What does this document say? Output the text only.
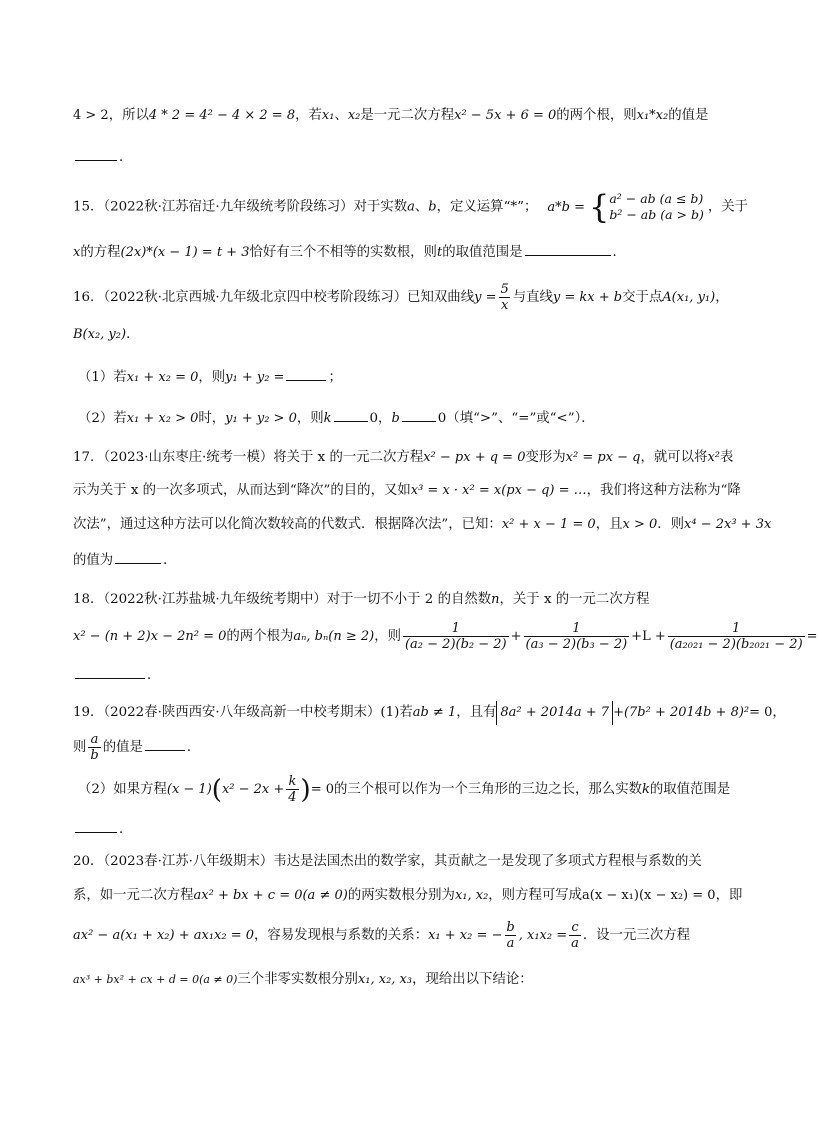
4 > 2，所以4 * 2 = 4² − 4 × 2 = 8，若x₁、x₂是一元二次方程x² − 5x + 6 = 0的两个根，则x₁*x₂的值是
．
15．（2022秋·江苏宿迁·九年级统考阶段练习）对于实数a、b，定义运算“*”； a*b = { a² − ab (a ≤ b)
b² − ab (a > b) ，关于
x的方程(2x)*(x − 1) = t + 3恰好有三个不相等的实数根，则t的取值范围是	．
16．（2022秋·北京西城·九年级北京四中校考阶段练习）已知双曲线$y = \frac{5}{x}$ 与直线y = kx + b交于点A(x₁, y₁)，
B(x₂, y₂)．
（1）若x₁ + x₂ = 0，则y₁ + y₂ =	；
（2）若x₁ + x₂ > 0时，y₁ + y₂ > 0，则k	0，b	0（填“>”、“=”或“<”）．
17．（2023·山东枣庄·统考一模）将关于 x 的一元二次方程x² − px + q = 0变形为x² = px − q，就可以将x²表
示为关于 x 的一次多项式，从而达到“降次”的目的，又如x³ = x · x² = x(px − q) = …，我们将这种方法称为“降
次法”，通过这种方法可以化简次数较高的代数式．根据降次法”，已知：x² + x − 1 = 0，且x > 0．则x⁴ − 2x³ + 3x
的值为	．
18．（2022秋·江苏盐城·九年级统考期中）对于一切不小于 2 的自然数n，关于 x 的一元二次方程
x² − (n + 2)x − 2n² = 0的两个根为aₙ, bₙ(n ≥ 2)，则 $\frac{1}{\text{(a₂ − 2)(b₂ − 2)}} + \frac{1}{\text{(a₃ − 2)(b₃ − 2)}} +L + \frac{1}{\text{(a₂₀₂₁ − 2)(b₂₀₂₁ − 2)}}$ =
．
19．（2022春·陕西西安·八年级高新一中校考期末）(1)若ab ≠ 1，且有 8a² + 2014a + 7 +(7b² + 2014b + 8)²= 0，
则 $\frac{a}{b}$ 的值是	．
（2）如果方程$(x - 1)(x^2 - 2x + \frac{k}{4}$ )= 0的三个根可以作为一个三角形的三边之长，那么实数k的取值范围是
．
20．（2023春·江苏·八年级期末）韦达是法国杰出的数学家，其贡献之一是发现了多项式方程根与系数的关
系，如一元二次方程ax² + bx + c = 0(a ≠ 0)的两实数根分别为x₁, x₂，则方程可写成a(x − x₁)(x − x₂) = 0，即
ax² − a(x₁ + x₂) + ax₁x₂ = 0，容易发现根与系数的关系：x₁ + x₂ = − $\frac{b}{a}$ , $x_1x_2 = \frac{c}{a}$ ．设一元三次方程
ax³ + bx² + cx + d = 0(a ≠ 0)三个非零实数根分别x₁, x₂, x₃，现给出以下结论：
